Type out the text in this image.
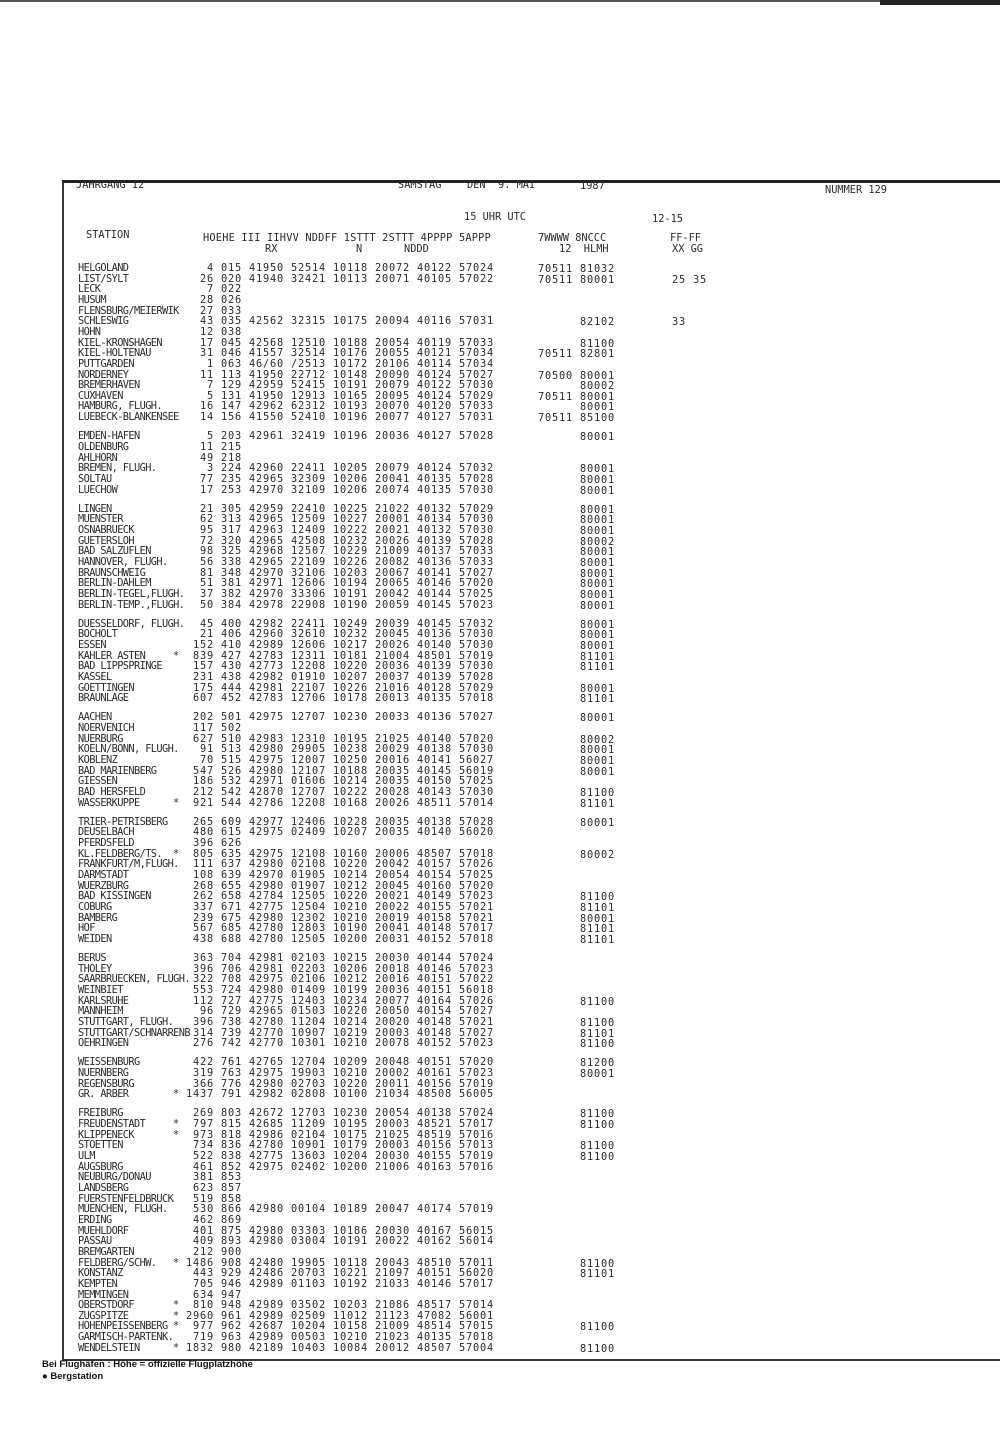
JAHRGANG 12	SAMSTAG DEN  9. MAI	1987	NUMMER 129
15 UHR UTC	12-15
STATION	HOEHE III IIHVV NDDFF 1STTT 2STTT 4PPPP 5APPP
RX	N	NDDD
7WWWW 8NCCC
12  HLMH
FF-FF
XX GG
HELGOLAND	4 015 41950 52514 10118 20072 40122 57024	70511 81032
LIST/SYLT	26 020 41940 32421 10113 20071 40105 57022	70511 80001	25 35
LECK	7 022
HUSUM	28 026
FLENSBURG/MEIERWIK 27 033
SCHLESWIG	43 035 42562 32315 10175 20094 40116 57031	82102	33
HOHN	12 038
KIEL-KRONSHAGEN	17 045 42568 12510 10188 20054 40119 57033	81100
KIEL-HOLTENAU	31 046 41557 32514 10176 20055 40121 57034	70511 82801
PUTTGARDEN	1 063 46/60 /2513 10172 20106 40114 57034
NORDERNEY	11 113 41950 22712 10148 20090 40124 57027	70500 80001
BREMERHAVEN	7 129 42959 52415 10191 20079 40122 57030	80002
CUXHAVEN	5 131 41950 12913 10165 20095 40124 57029	70511 80001
HAMBURG, FLUGH.	16 147 42962 62312 10193 20070 40120 57033	80001
LUEBECK-BLANKENSEE 14 156 41550 52410 10196 20077 40127 57031	70511 85100
EMDEN-HAFEN	5 203 42961 32419 10196 20036 40127 57028	80001
OLDENBURG	11 215
AHLHORN	49 218
BREMEN, FLUGH.	3 224 42960 22411 10205 20079 40124 57032	80001
SOLTAU	77 235 42965 32309 10206 20041 40135 57028	80001
LUECHOW	17 253 42970 32109 10206 20074 40135 57030	80001
LINGEN	21 305 42959 22410 10225 21022 40132 57029	80001
MUENSTER	62 313 42965 12509 10227 20001 40134 57030	80001
OSNABRUECK	95 317 42963 12409 10222 20021 40132 57030	80001
GUETERSLOH	72 320 42965 42508 10232 20026 40139 57028	80002
BAD SALZUFLEN	98 325 42968 12507 10229 21009 40137 57033	80001
HANNOVER, FLUGH.	56 338 42965 22109 10226 20082 40136 57033	80001
BRAUNSCHWEIG	81 348 42970 32106 10203 20067 40141 57027	80001
BERLIN-DAHLEM	51 381 42971 12606 10194 20065 40146 57020	80001
BERLIN-TEGEL,FLUGH. 37 382 42970 33306 10191 20042 40144 57025	80001
BERLIN-TEMP.,FLUGH. 50 384 42978 22908 10190 20059 40145 57023	80001
DUESSELDORF, FLUGH. 45 400 42982 22411 10249 20039 40145 57032	80001
BOCHOLT	21 406 42960 32610 10232 20045 40136 57030	80001
ESSEN	152 410 42989 12606 10217 20026 40140 57030	80001
KAHLER ASTEN	* 839 427 42783 12311 10181 21004 48501 57019	81101
BAD LIPPSPRINGE	157 430 42773 12208 10220 20036 40139 57030	81101
KASSEL	231 438 42982 01910 10207 20037 40139 57028
GOETTINGEN	175 444 42981 22107 10226 21016 40128 57029	80001
BRAUNLAGE	607 452 42783 12706 10178 20013 40135 57018	81101
AACHEN	202 501 42975 12707 10230 20033 40136 57027	80001
NOERVENICH	117 502
NUERBURG	627 510 42983 12310 10195 21025 40140 57020	80002
KOELN/BONN, FLUGH. 91 513 42980 29905 10238 20029 40138 57030	80001
KOBLENZ	70 515 42975 12007 10250 20016 40141 56027	80001
BAD MARIENBERG	547 526 42980 12107 10188 20035 40145 56019	80001
GIESSEN	186 532 42971 01606 10214 20035 40150 57025
BAD HERSFELD	212 542 42870 12707 10222 20028 40143 57030	81100
WASSERKUPPE	* 921 544 42786 12208 10168 20026 48511 57014	81101
TRIER-PETRISBERG 265 609 42977 12406 10228 20035 40138 57028	80001
DEUSELBACH	480 615 42975 02409 10207 20035 40140 56020
PFERDSFELD	396 626
KL.FELDBERG/TS. * 805 635 42975 12108 10160 20006 48507 57018	80002
FRANKFURT/M,FLUGH. 111 637 42980 02108 10220 20042 40157 57026
DARMSTADT	108 639 42970 01905 10214 20054 40154 57025
WUERZBURG	268 655 42980 01907 10212 20045 40160 57020
BAD KISSINGEN	262 658 42784 12505 10220 20021 40149 57023	81100
COBURG	337 671 42775 12504 10210 20022 40155 57021	81101
BAMBERG	239 675 42980 12302 10210 20019 40158 57021	80001
HOF	567 685 42780 12803 10190 20041 40148 57017	81101
WEIDEN	438 688 42780 12505 10200 20031 40152 57018	81101
BERUS	363 704 42981 02103 10215 20030 40144 57024
THOLEY	396 706 42981 02203 10206 20018 40146 57023
SAARBRUECKEN, FLUGH. 322 708 42975 02106 10212 20016 40151 57022
WEINBIET	553 724 42980 01409 10199 20036 40151 56018
KARLSRUHE	112 727 42775 12403 10234 20077 40164 57026	81100
MANNHEIM	96 729 42965 01503 10220 20050 40154 57027
STUTTGART, FLUGH. 396 738 42780 11204 10214 20020 40148 57021	81100
STUTTGART/SCHNARRENB 314 739 42770 10907 10219 20003 40148 57027	81101
OEHRINGEN	276 742 42770 10301 10210 20078 40152 57023	81100
WEISSENBURG	422 761 42765 12704 10209 20048 40151 57020	81200
NUERNBERG	319 763 42975 19903 10210 20002 40161 57023	80001
REGENSBURG	366 776 42980 02703 10220 20011 40156 57019
GR. ARBER	* 1437 791 42982 02808 10100 21034 48508 56005
FREIBURG	269 803 42672 12703 10230 20054 40138 57024	81100
FREUDENSTADT	* 797 815 42685 11209 10195 20003 48521 57017	81100
KLIPPENECK	* 973 818 42986 02104 10175 21025 48519 57016
STOETTEN	734 836 42780 10901 10179 20003 40156 57013	81100
ULM	522 838 42775 13603 10204 20030 40155 57019	81100
AUGSBURG	461 852 42975 02402 10200 21006 40163 57016
NEUBURG/DONAU	381 853
LANDSBERG	623 857
FUERSTENFELDBRUCK 519 858
MUENCHEN, FLUGH. 530 866 42980 00104 10189 20047 40174 57019
ERDING	462 869
MUEHLDORF	401 875 42980 03303 10186 20030 40167 56015
PASSAU	409 893 42980 03004 10191 20022 40162 56014
BREMGARTEN	212 900
FELDBERG/SCHW. * 1486 908 42480 19905 10118 20043 48510 57011	81100
KONSTANZ	443 929 42486 20703 10221 21097 40151 56020	81101
KEMPTEN	705 946 42989 01103 10192 21033 40146 57017
MEMMINGEN	634 947
OBERSTDORF	* 810 948 42989 03502 10203 21086 48517 57014
ZUGSPITZE	* 2960 961 42989 02509 11012 21123 47082 56001
HOHENPEISSENBERG * 977 962 42687 10204 10158 21009 48514 57015	81100
GARMISCH-PARTENK. 719 963 42989 00503 10210 21023 40135 57018
WENDELSTEIN	* 1832 980 42189 10403 10084 20012 48507 57004	81100
Bei Flughäfen : Höhe = offizielle Flugplatzhöhe
● Bergstation
